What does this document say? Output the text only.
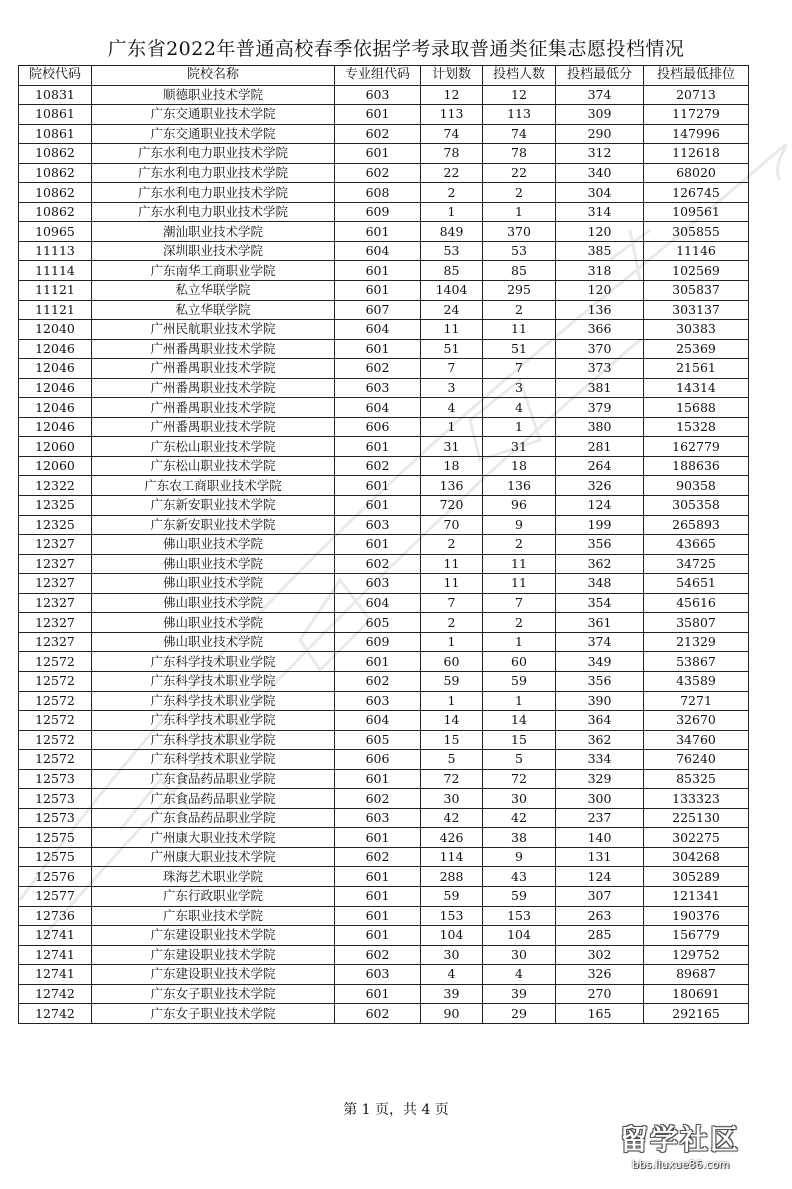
广东省2022年普通高校春季依据学考录取普通类征集志愿投档情况
院校代码	院校名称	专业组代码	计划数	投档人数	投档最低分	投档最低排位
10831	顺德职业技术学院	603	12	12	374	20713
10861	广东交通职业技术学院	601	113	113	309	117279
10861	广东交通职业技术学院	602	74	74	290	147996
10862	广东水利电力职业技术学院	601	78	78	312	112618
10862	广东水利电力职业技术学院	602	22	22	340	68020
10862	广东水利电力职业技术学院	608	2	2	304	126745
10862	广东水利电力职业技术学院	609	1	1	314	109561
10965	潮汕职业技术学院	601	849	370	120	305855
11113	深圳职业技术学院	604	53	53	385	11146
11114	广东南华工商职业学院	601	85	85	318	102569
11121	私立华联学院	601	1404	295	120	305837
11121	私立华联学院	607	24	2	136	303137
12040	广州民航职业技术学院	604	11	11	366	30383
12046	广州番禺职业技术学院	601	51	51	370	25369
12046	广州番禺职业技术学院	602	7	7	373	21561
12046	广州番禺职业技术学院	603	3	3	381	14314
12046	广州番禺职业技术学院	604	4	4	379	15688
12046	广州番禺职业技术学院	606	1	1	380	15328
12060	广东松山职业技术学院	601	31	31	281	162779
12060	广东松山职业技术学院	602	18	18	264	188636
12322	广东农工商职业技术学院	601	136	136	326	90358
12325	广东新安职业技术学院	601	720	96	124	305358
12325	广东新安职业技术学院	603	70	9	199	265893
12327	佛山职业技术学院	601	2	2	356	43665
12327	佛山职业技术学院	602	11	11	362	34725
12327	佛山职业技术学院	603	11	11	348	54651
12327	佛山职业技术学院	604	7	7	354	45616
12327	佛山职业技术学院	605	2	2	361	35807
12327	佛山职业技术学院	609	1	1	374	21329
12572	广东科学技术职业学院	601	60	60	349	53867
12572	广东科学技术职业学院	602	59	59	356	43589
12572	广东科学技术职业学院	603	1	1	390	7271
12572	广东科学技术职业学院	604	14	14	364	32670
12572	广东科学技术职业学院	605	15	15	362	34760
12572	广东科学技术职业学院	606	5	5	334	76240
12573	广东食品药品职业学院	601	72	72	329	85325
12573	广东食品药品职业学院	602	30	30	300	133323
12573	广东食品药品职业学院	603	42	42	237	225130
12575	广州康大职业技术学院	601	426	38	140	302275
12575	广州康大职业技术学院	602	114	9	131	304268
12576	珠海艺术职业学院	601	288	43	124	305289
12577	广东行政职业学院	601	59	59	307	121341
12736	广东职业技术学院	601	153	153	263	190376
12741	广东建设职业技术学院	601	104	104	285	156779
12741	广东建设职业技术学院	602	30	30	302	129752
12741	广东建设职业技术学院	603	4	4	326	89687
12742	广东女子职业技术学院	601	39	39	270	180691
12742	广东女子职业技术学院	602	90	29	165	292165
第 1 页，共 4 页
留学社区
bbs.liuxue86.com
